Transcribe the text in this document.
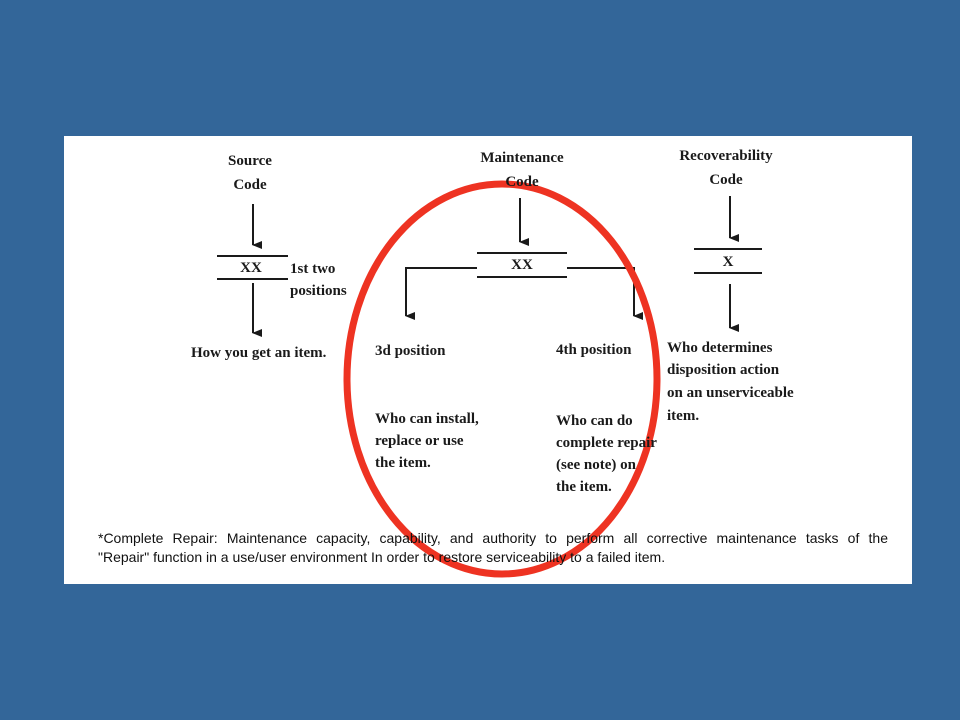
Source
Code
XX 1st two
positions
How you get an item.
Maintenance
Code
XX
3d position
Who can install,
replace or use
the item.
4th position
Who can do
complete repair
(see note) on
the item.
Recoverability
Code
X
Who determines
disposition action
on an unserviceable
item.
*Complete Repair: Maintenance capacity, capability, and authority to perform all corrective maintenance tasks of the
"Repair" function in a use/user environment In order to restore serviceability to a failed item.
